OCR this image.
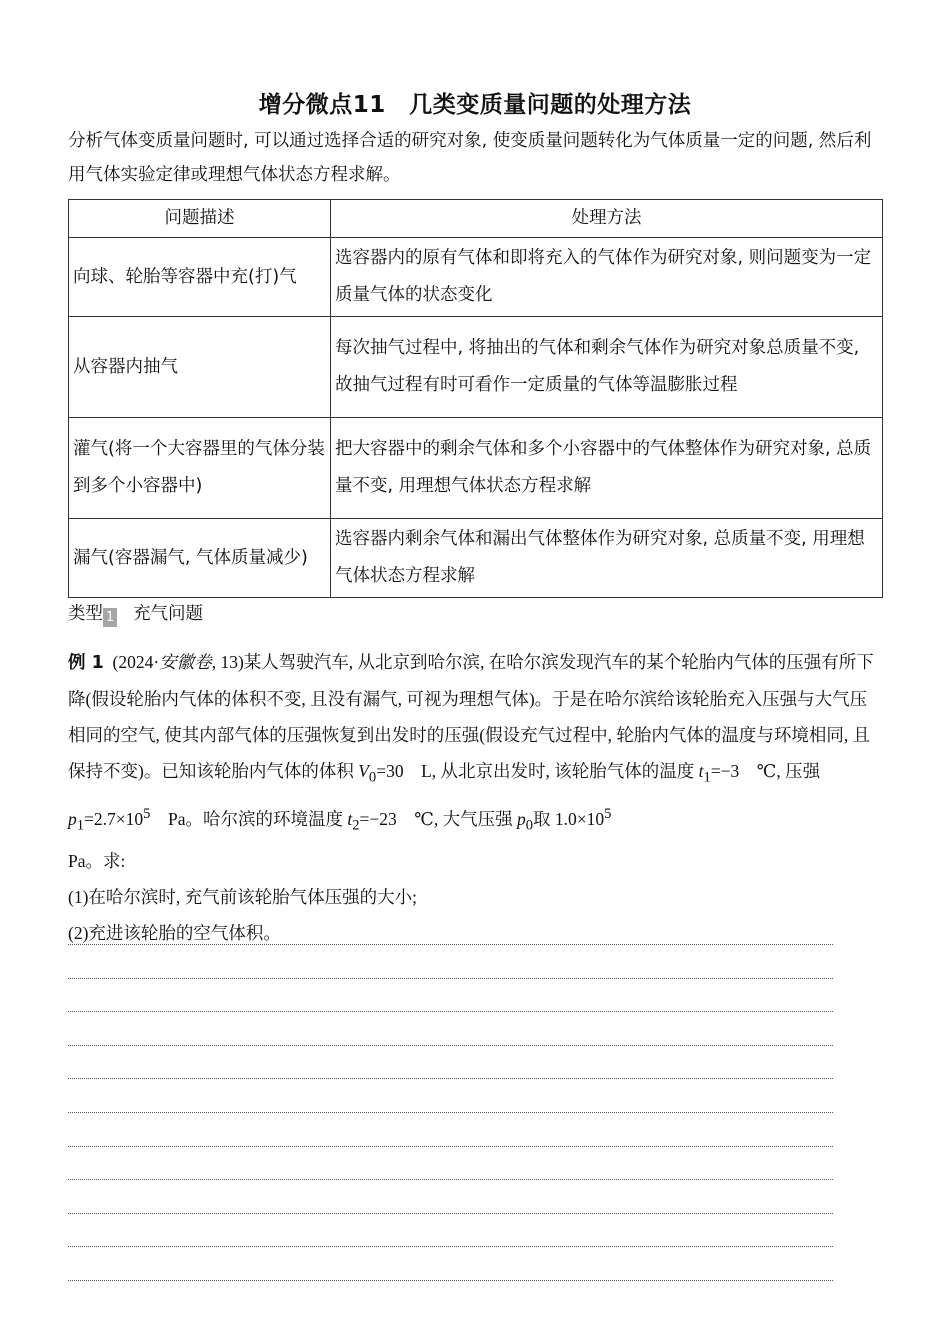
增分微点11　几类变质量问题的处理方法
分析气体变质量问题时, 可以通过选择合适的研究对象, 使变质量问题转化为气体质量一定的问题, 然后利用气体实验定律或理想气体状态方程求解。
问题描述	处理方法
向球、轮胎等容器中充(打)气	选容器内的原有气体和即将充入的气体作为研究对象, 则问题变为一定质量气体的状态变化
从容器内抽气	每次抽气过程中, 将抽出的气体和剩余气体作为研究对象总质量不变, 故抽气过程有时可看作一定质量的气体等温膨胀过程
灌气(将一个大容器里的气体分装到多个小容器中)	把大容器中的剩余气体和多个小容器中的气体整体作为研究对象, 总质量不变, 用理想气体状态方程求解
漏气(容器漏气, 气体质量减少)	选容器内剩余气体和漏出气体整体作为研究对象, 总质量不变, 用理想气体状态方程求解
类型 1 充气问题

例 1 (2024·安徽卷, 13)某人驾驶汽车, 从北京到哈尔滨, 在哈尔滨发现汽车的某个轮胎内气体的压强有所下降(假设轮胎内气体的体积不变, 且没有漏气, 可视为理想气体)。于是在哈尔滨给该轮胎充入压强与大气压相同的空气, 使其内部气体的压强恢复到出发时的压强(假设充气过程中, 轮胎内气体的温度与环境相同, 且保持不变)。已知该轮胎内气体的体积 $V_0=30$　L, 从北京出发时, 该轮胎气体的温度 $t_1=-3$　℃, 压强 $p_1=2.7\times 10^5$　Pa。哈尔滨的环境温度 $t_2=-23$　℃, 大气压强 $p_0$取 $1.0\times 10^5$
Pa。求:

(1)在哈尔滨时, 充气前该轮胎气体压强的大小;

(2)充进该轮胎的空气体积。
